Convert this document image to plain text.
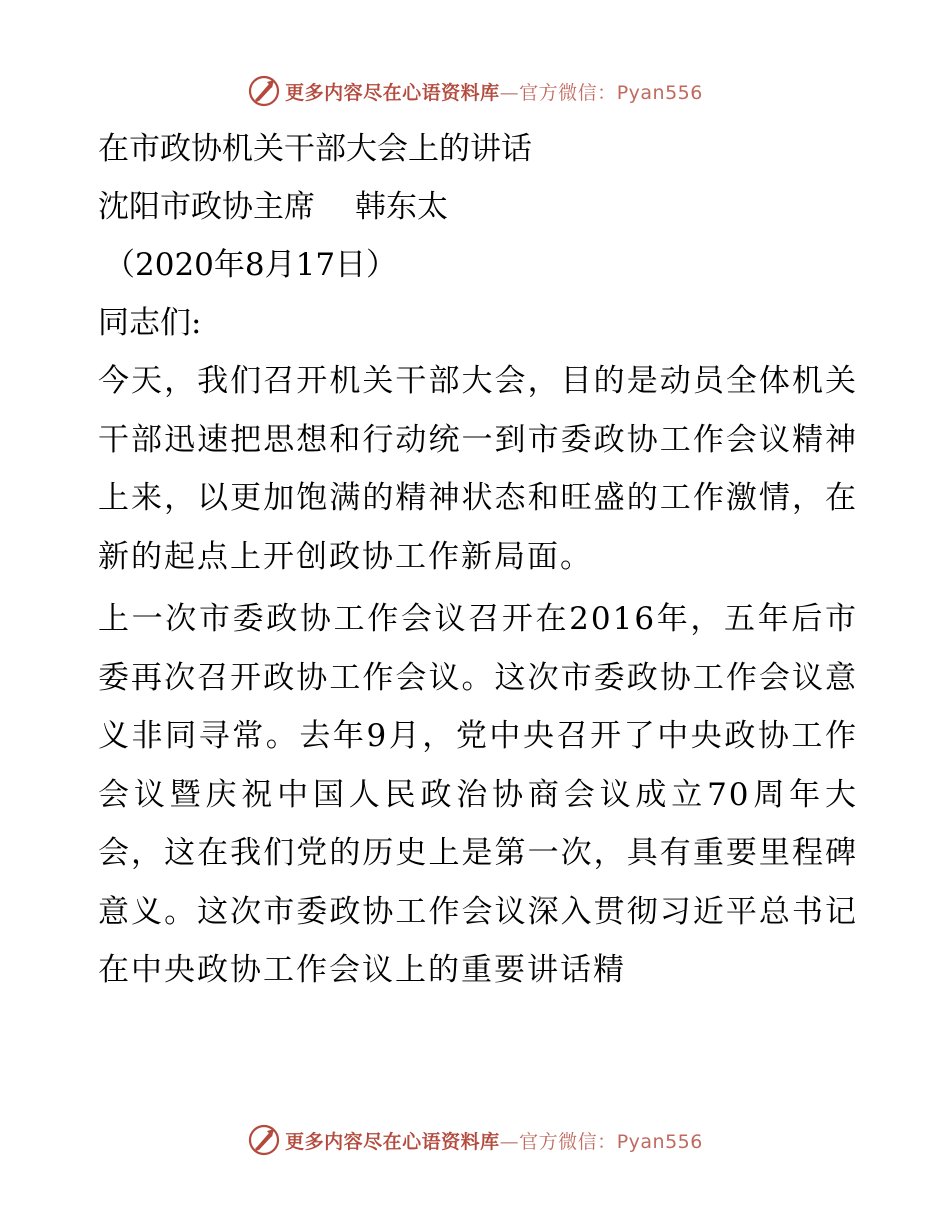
更多内容尽在心语资料库—官方微信：Pyan556

在市政协机关干部大会上的讲话

沈阳市政协主席 韩东太

（2020年8月17日）

同志们:

今天，我们召开机关干部大会，目的是动员全体机关干部迅速把思想和行动统一到市委政协工作会议精神上来，以更加饱满的精神状态和旺盛的工作激情，在新的起点上开创政协工作新局面。

上一次市委政协工作会议召开在2016年，五年后市委再次召开政协工作会议。这次市委政协工作会议意义非同寻常。去年9月，党中央召开了中央政协工作会议暨庆祝中国人民政治协商会议成立70周年大会，这在我们党的历史上是第一次，具有重要里程碑意义。这次市委政协工作会议深入贯彻习近平总书记在中央政协工作会议上的重要讲话精

更多内容尽在心语资料库—官方微信：Pyan556
